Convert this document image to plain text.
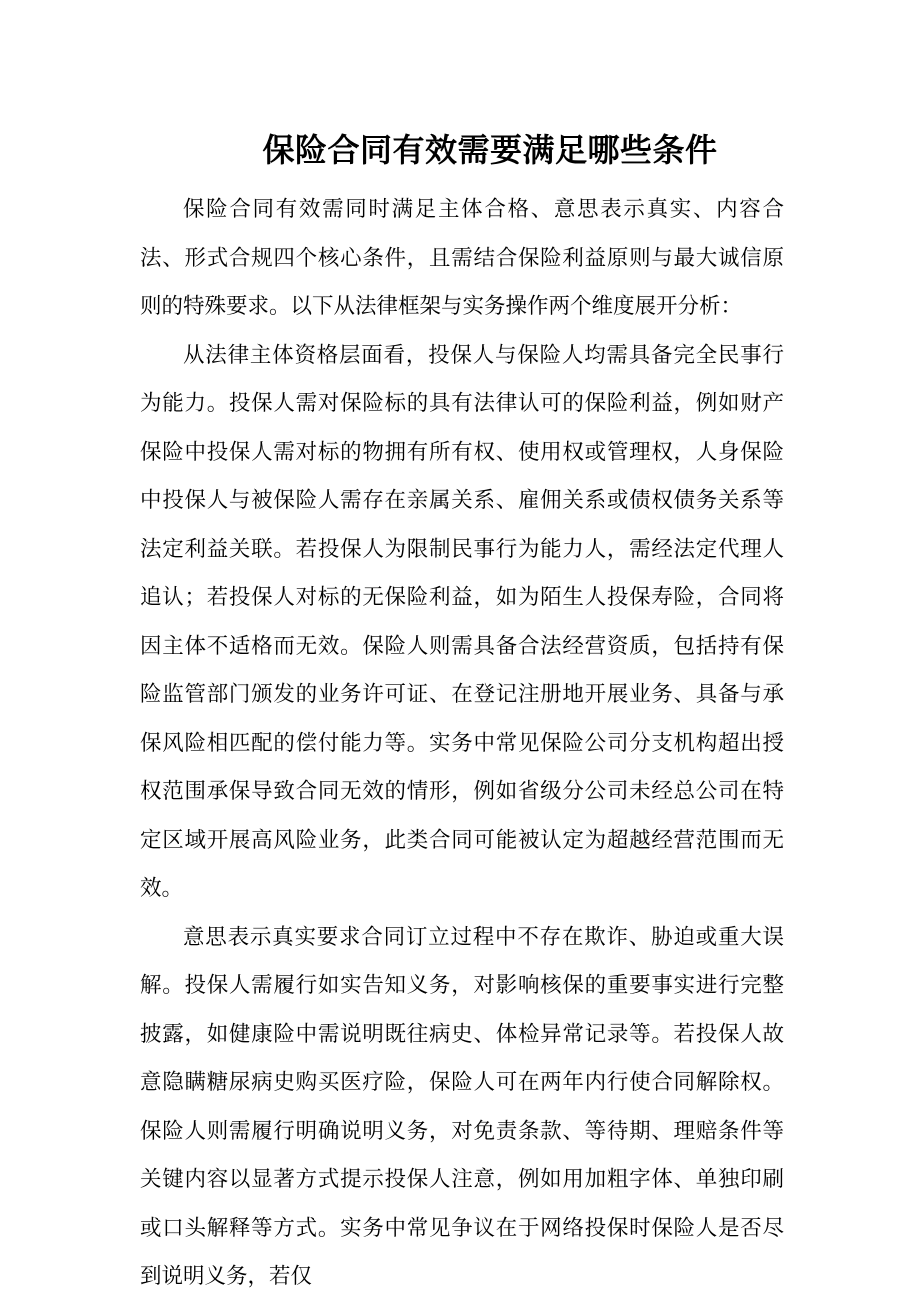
保险合同有效需要满足哪些条件

保险合同有效需同时满足主体合格、意思表示真实、内容合法、形式合规四个核心条件，且需结合保险利益原则与最大诚信原则的特殊要求。以下从法律框架与实务操作两个维度展开分析：

从法律主体资格层面看，投保人与保险人均需具备完全民事行为能力。投保人需对保险标的具有法律认可的保险利益，例如财产保险中投保人需对标的物拥有所有权、使用权或管理权，人身保险中投保人与被保险人需存在亲属关系、雇佣关系或债权债务关系等法定利益关联。若投保人为限制民事行为能力人，需经法定代理人追认；若投保人对标的无保险利益，如为陌生人投保寿险，合同将因主体不适格而无效。保险人则需具备合法经营资质，包括持有保险监管部门颁发的业务许可证、在登记注册地开展业务、具备与承保风险相匹配的偿付能力等。实务中常见保险公司分支机构超出授权范围承保导致合同无效的情形，例如省级分公司未经总公司在特定区域开展高风险业务，此类合同可能被认定为超越经营范围而无效。

意思表示真实要求合同订立过程中不存在欺诈、胁迫或重大误解。投保人需履行如实告知义务，对影响核保的重要事实进行完整披露，如健康险中需说明既往病史、体检异常记录等。若投保人故意隐瞒糖尿病史购买医疗险，保险人可在两年内行使合同解除权。保险人则需履行明确说明义务，对免责条款、等待期、理赔条件等关键内容以显著方式提示投保人注意，例如用加粗字体、单独印刷或口头解释等方式。实务中常见争议在于网络投保时保险人是否尽到说明义务，若仅
